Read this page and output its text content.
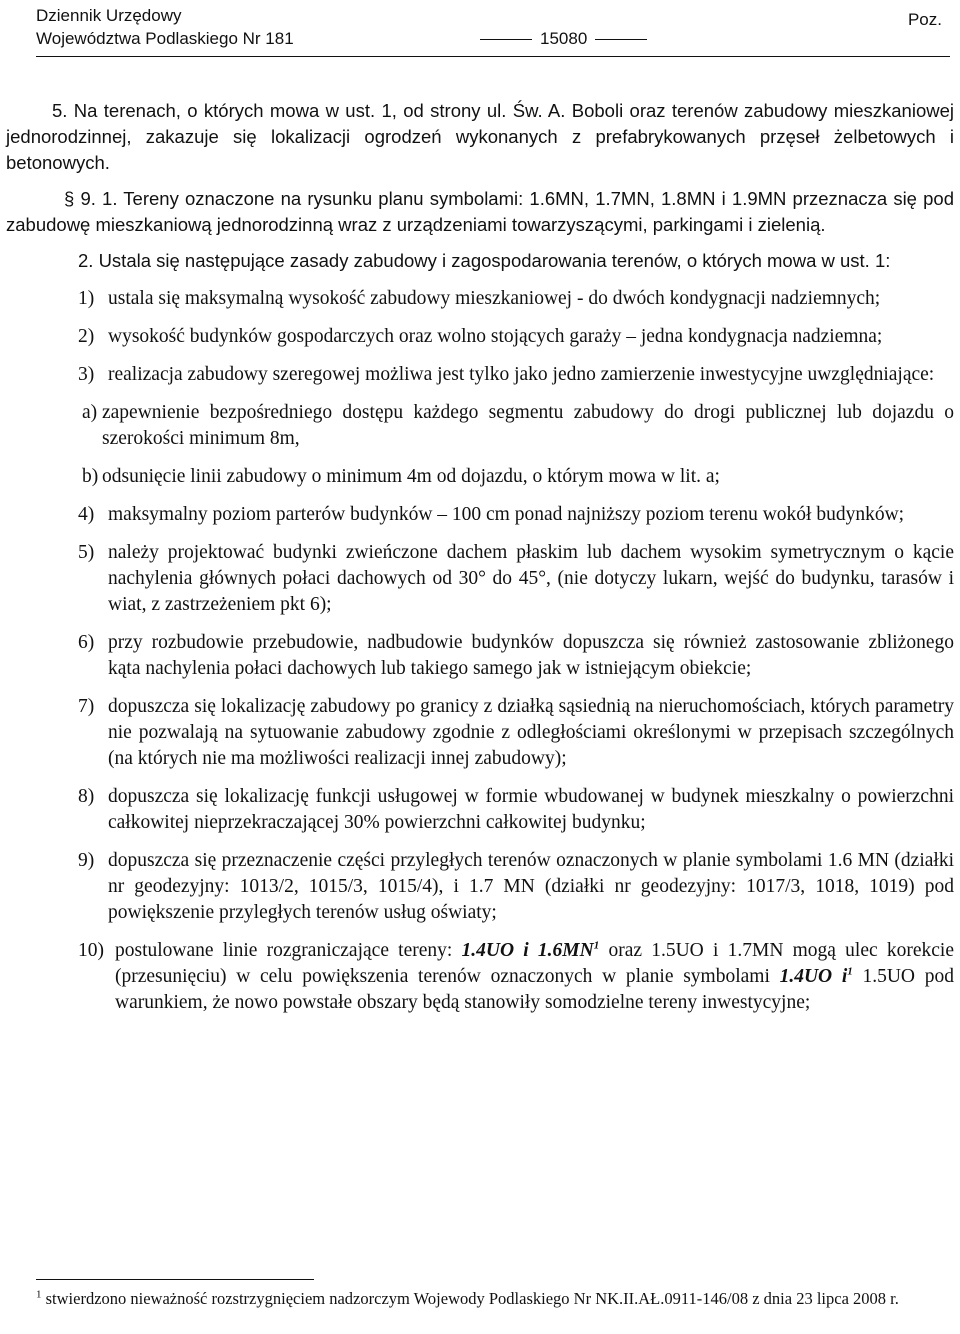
Dziennik Urzędowy
Województwa Podlaskiego Nr 181	15080
Poz.

5. Na terenach, o których mowa w ust. 1, od strony ul. Św. A. Boboli oraz terenów zabudowy mieszkaniowej jednorodzinnej, zakazuje się lokalizacji ogrodzeń wykonanych z prefabrykowanych przęseł żelbetowych i betonowych.

§ 9. 1. Tereny oznaczone na rysunku planu symbolami: 1.6MN, 1.7MN, 1.8MN i 1.9MN przeznacza się pod zabudowę mieszkaniową jednorodzinną wraz z urządzeniami towarzyszącymi, parkingami i zielenią.

2. Ustala się następujące zasady zabudowy i zagospodarowania terenów, o których mowa w ust. 1:

1) ustala się maksymalną wysokość zabudowy mieszkaniowej - do dwóch kondygnacji nadziemnych;
2) wysokość budynków gospodarczych oraz wolno stojących garaży – jedna kondygnacja nadziemna;
3) realizacja zabudowy szeregowej możliwa jest tylko jako jedno zamierzenie inwestycyjne uwzględniające:
a) zapewnienie bezpośredniego dostępu każdego segmentu zabudowy do drogi publicznej lub dojazdu o szerokości minimum 8m,
b) odsunięcie linii zabudowy o minimum 4m od dojazdu, o którym mowa w lit. a;
4) maksymalny poziom parterów budynków – 100 cm ponad najniższy poziom terenu wokół budynków;
5) należy projektować budynki zwieńczone dachem płaskim lub dachem wysokim symetrycznym o kącie nachylenia głównych połaci dachowych od 30° do 45°, (nie dotyczy lukarn, wejść do budynku, tarasów i wiat, z zastrzeżeniem pkt 6);
6) przy rozbudowie przebudowie, nadbudowie budynków dopuszcza się również zastosowanie zbliżonego kąta nachylenia połaci dachowych lub takiego samego jak w istniejącym obiekcie;
7) dopuszcza się lokalizację zabudowy po granicy z działką sąsiednią na nieruchomościach, których parametry nie pozwalają na sytuowanie zabudowy zgodnie z odległościami określonymi w przepisach szczególnych (na których nie ma możliwości realizacji innej zabudowy);
8) dopuszcza się lokalizację funkcji usługowej w formie wbudowanej w budynek mieszkalny o powierzchni całkowitej nieprzekraczającej 30% powierzchni całkowitej budynku;
9) dopuszcza się przeznaczenie części przyległych terenów oznaczonych w planie symbolami 1.6 MN (działki nr geodezyjny: 1013/2, 1015/3, 1015/4), i 1.7 MN (działki nr geodezyjny: 1017/3, 1018, 1019) pod powiększenie przyległych terenów usług oświaty;
10) postulowane linie rozgraniczające tereny: 1.4UO i $1.6MN^1$ oraz 1.5UO i 1.7MN mogą ulec korekcie (przesunięciu) w celu powiększenia terenów oznaczonych w planie symbolami 1.4UO $i^1$ 1.5UO pod warunkiem, że nowo powstałe obszary będą stanowiły somodzielne tereny inwestycyjne;
$^1$ stwierdzono nieważność rozstrzygnięciem nadzorczym Wojewody Podlaskiego Nr NK.II.AŁ.0911-146/08 z dnia 23 lipca 2008 r.
